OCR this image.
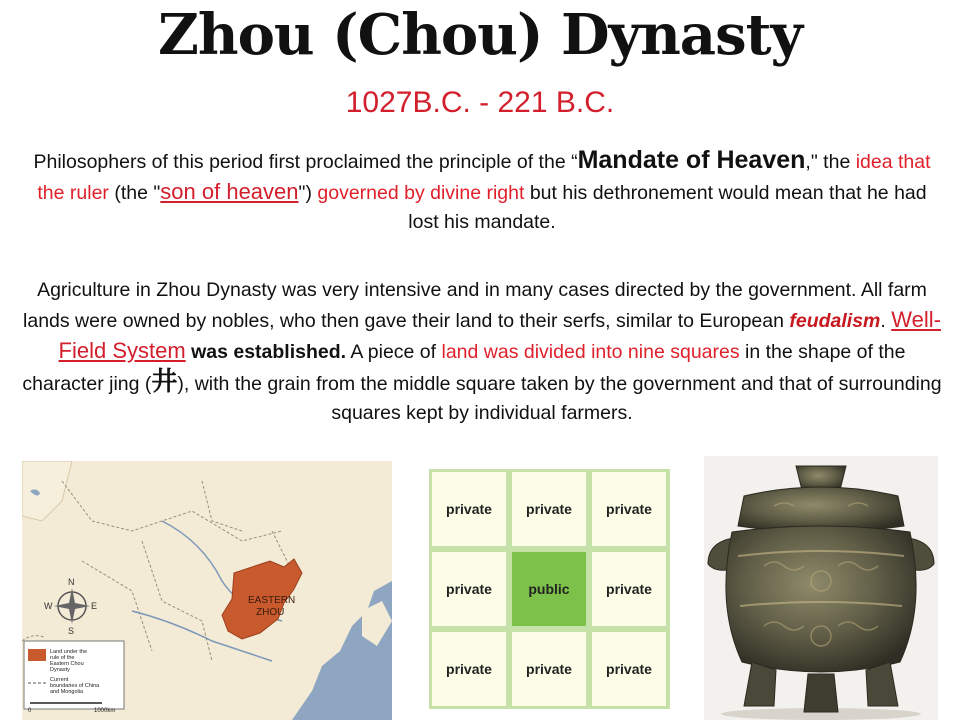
Zhou (Chou) Dynasty
1027B.C. - 221 B.C.
Philosophers of this period first proclaimed the principle of the “Mandate of Heaven," the idea that the ruler (the "son of heaven") governed by divine right but his dethronement would mean that he had lost his mandate.
Agriculture in Zhou Dynasty was very intensive and in many cases directed by the government. All farm lands were owned by nobles, who then gave their land to their serfs, similar to European feudalism. Well-Field System was established. A piece of land was divided into nine squares in the shape of the character jing (井), with the grain from the middle square taken by the government and that of surrounding squares kept by individual farmers.
EASTERN
ZHOU
N
S
E
W
Land under the rule of the Eastern Chou Dynasty
Current boundaries of China and Mongolia
0	1000km
private	private	private
private	public	private
private	private	private
